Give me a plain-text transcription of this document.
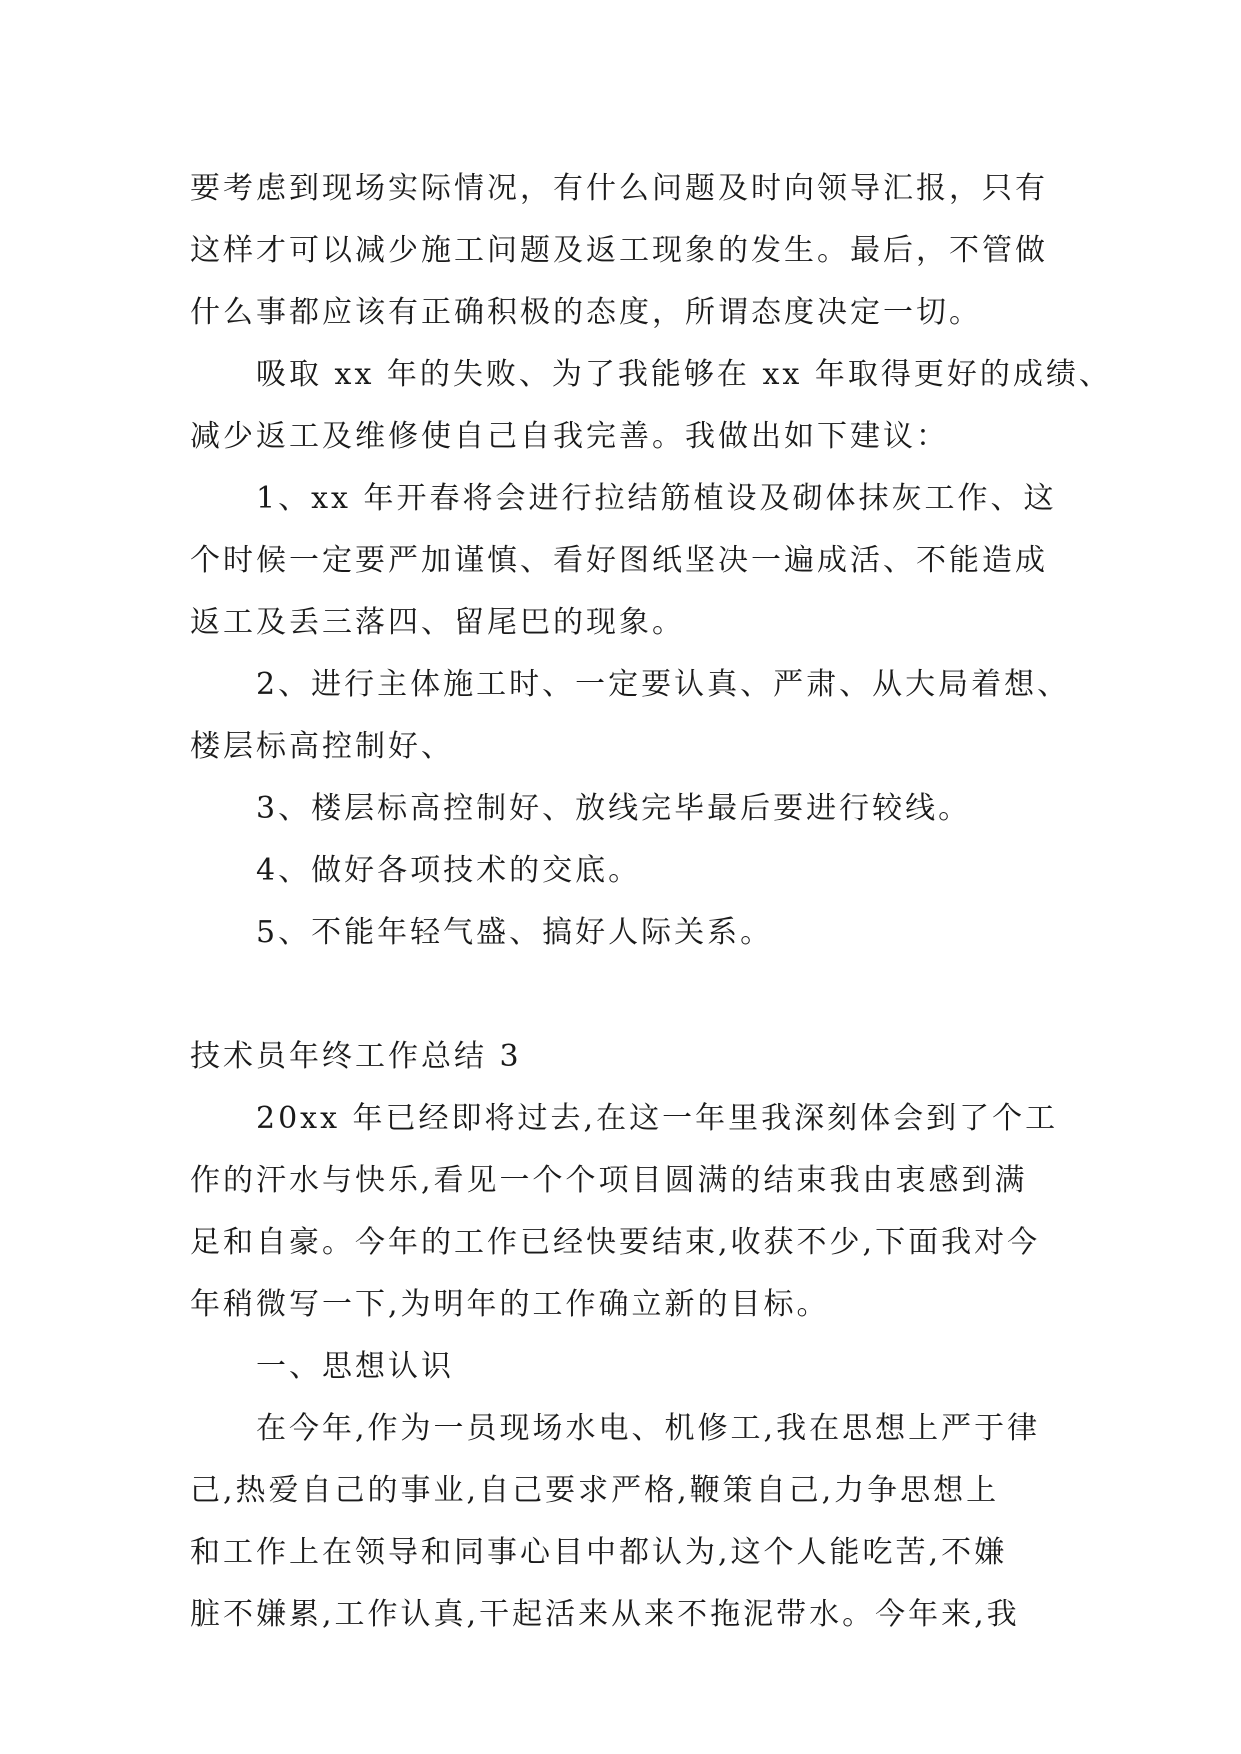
要考虑到现场实际情况，有什么问题及时向领导汇报，只有
这样才可以减少施工问题及返工现象的发生。最后，不管做
什么事都应该有正确积极的态度，所谓态度决定一切。
吸取 xx 年的失败、为了我能够在 xx 年取得更好的成绩、
减少返工及维修使自己自我完善。我做出如下建议：
1、xx 年开春将会进行拉结筋植设及砌体抹灰工作、这
个时候一定要严加谨慎、看好图纸坚决一遍成活、不能造成
返工及丢三落四、留尾巴的现象。
2、进行主体施工时、一定要认真、严肃、从大局着想、
楼层标高控制好、
3、楼层标高控制好、放线完毕最后要进行较线。
4、做好各项技术的交底。
5、不能年轻气盛、搞好人际关系。
技术员年终工作总结 3
20xx 年已经即将过去,在这一年里我深刻体会到了个工
作的汗水与快乐,看见一个个项目圆满的结束我由衷感到满
足和自豪。今年的工作已经快要结束,收获不少,下面我对今
年稍微写一下,为明年的工作确立新的目标。
一、思想认识
在今年,作为一员现场水电、机修工,我在思想上严于律
己,热爱自己的事业,自己要求严格,鞭策自己,力争思想上
和工作上在领导和同事心目中都认为,这个人能吃苦,不嫌
脏不嫌累,工作认真,干起活来从来不拖泥带水。今年来,我
